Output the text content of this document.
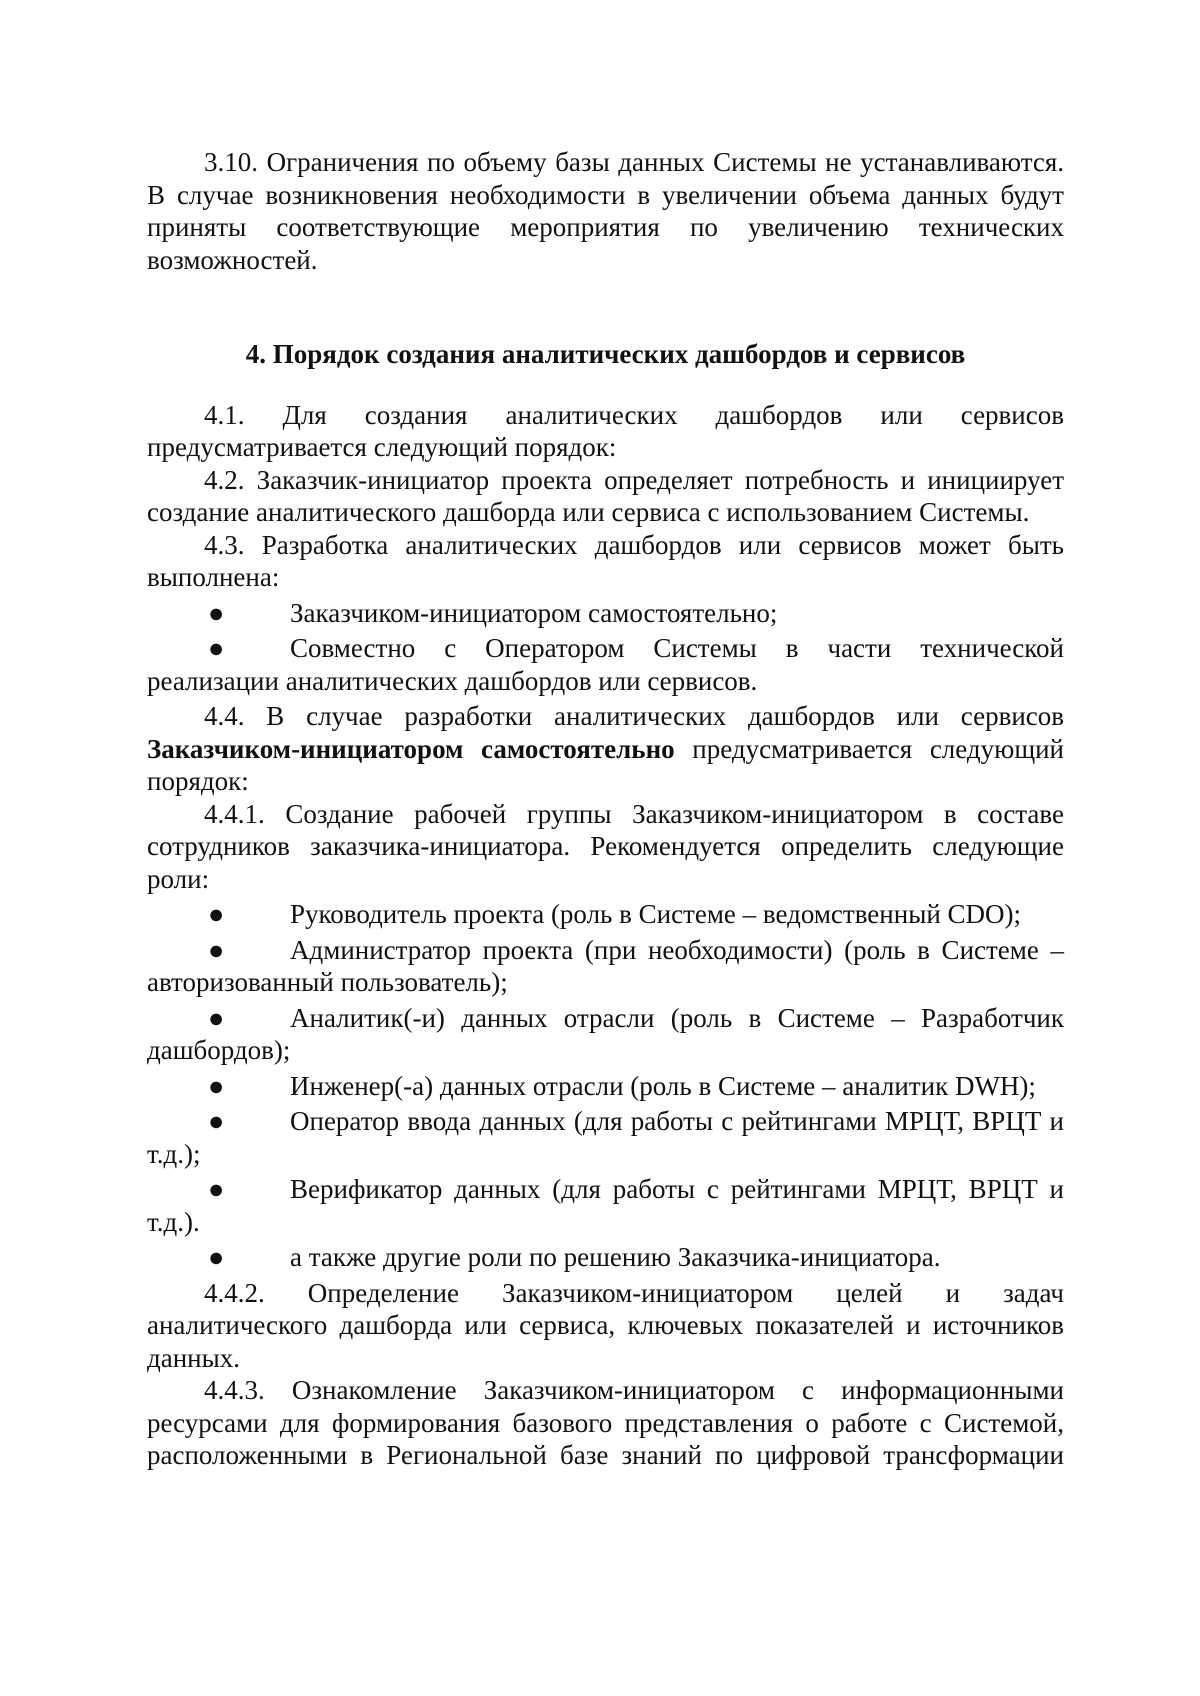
3.10. Ограничения по объему базы данных Системы не устанавливаются. В случае возникновения необходимости в увеличении объема данных будут приняты соответствующие мероприятия по увеличению технических возможностей.

4. Порядок создания аналитических дашбордов и сервисов

4.1. Для создания аналитических дашбордов или сервисов предусматривается следующий порядок:

4.2. Заказчик-инициатор проекта определяет потребность и инициирует создание аналитического дашборда или сервиса с использованием Системы.

4.3. Разработка аналитических дашбордов или сервисов может быть выполнена:

● Заказчиком-инициатором самостоятельно;

● Совместно с Оператором Системы в части технической реализации аналитических дашбордов или сервисов.

4.4. В случае разработки аналитических дашбордов или сервисов Заказчиком-инициатором самостоятельно предусматривается следующий порядок:

4.4.1. Создание рабочей группы Заказчиком-инициатором в составе сотрудников заказчика-инициатора. Рекомендуется определить следующие роли:

● Руководитель проекта (роль в Системе – ведомственный CDO);

● Администратор проекта (при необходимости) (роль в Системе – авторизованный пользователь);

● Аналитик(-и) данных отрасли (роль в Системе – Разработчик дашбордов);

● Инженер(-а) данных отрасли (роль в Системе – аналитик DWH);

● Оператор ввода данных (для работы с рейтингами МРЦТ, ВРЦТ и т.д.);

● Верификатор данных (для работы с рейтингами МРЦТ, ВРЦТ и т.д.).

● а также другие роли по решению Заказчика-инициатора.

4.4.2. Определение Заказчиком-инициатором целей и задач аналитического дашборда или сервиса, ключевых показателей и источников данных.

4.4.3. Ознакомление Заказчиком-инициатором с информационными ресурсами для формирования базового представления о работе с Системой, расположенными в Региональной базе знаний по цифровой трансформации
